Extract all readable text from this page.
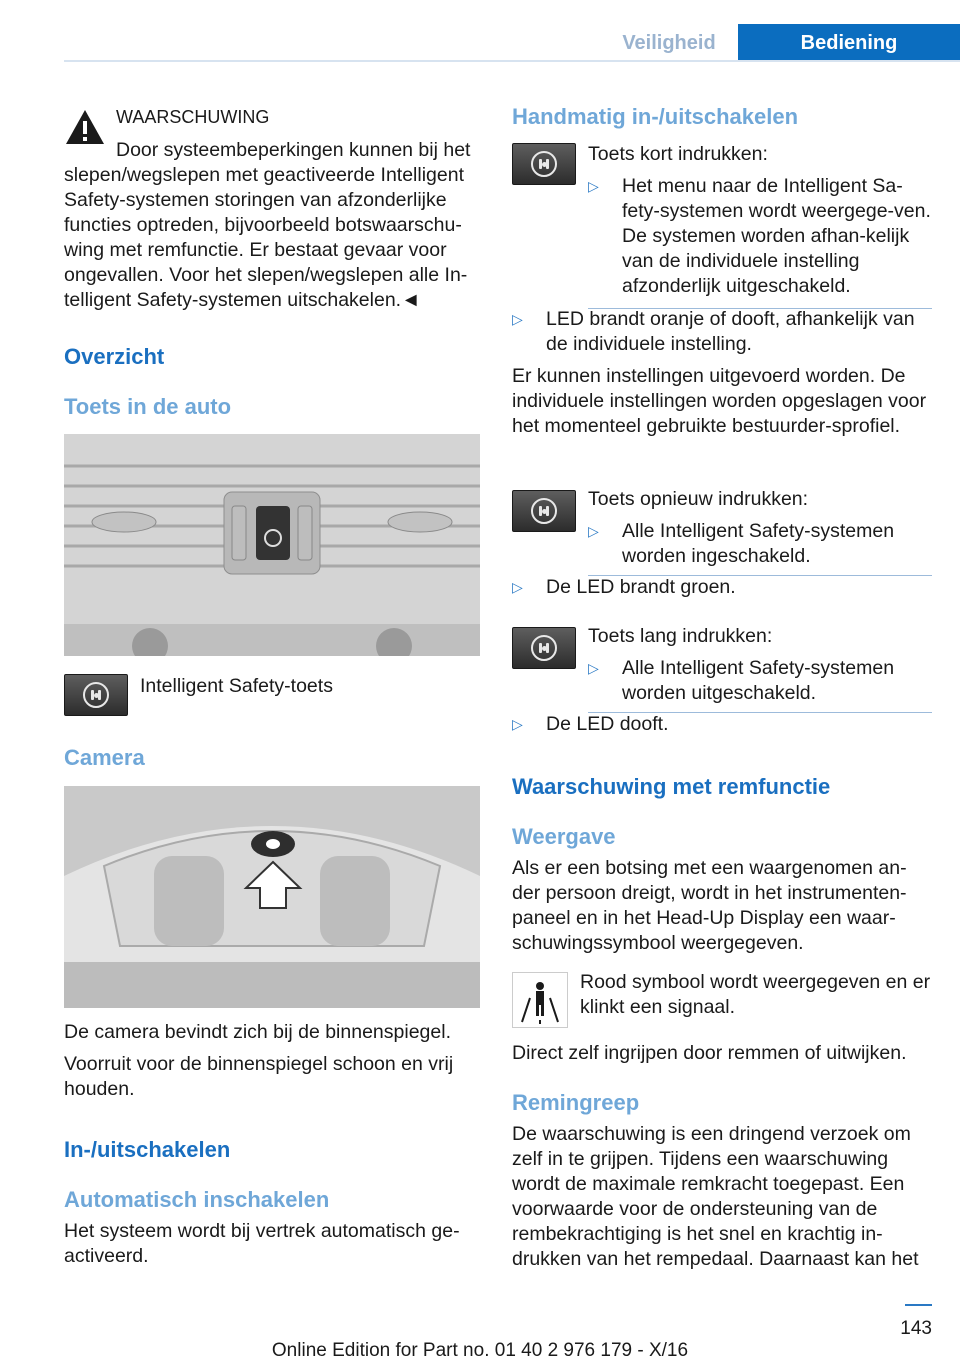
Veiligheid	Bediening
WAARSCHUWING

Door systeembeperkingen kunnen bij het

slepen/wegslepen met geactiveerde Intelligent Safety-systemen storingen van afzonderlijke functies optreden, bijvoorbeeld botswaarschu-wing met remfunctie. Er bestaat gevaar voor ongevallen. Voor het slepen/wegslepen alle In-telligent Safety-systemen uitschakelen.◄

Overzicht
Toets in de auto

Intelligent Safety-toets

Camera

De camera bevindt zich bij de binnenspiegel.

Voorruit voor de binnenspiegel schoon en vrij houden.

In-/uitschakelen
Automatisch inschakelen

Het systeem wordt bij vertrek automatisch ge-activeerd.

Handmatig in-/uitschakelen

Toets kort indrukken:

▷ Het menu naar de Intelligent Sa-fety-systemen wordt weergege-ven. De systemen worden afhan-kelijk van de individuele instelling afzonderlijk uitgeschakeld.
▷ LED brandt oranje of dooft, afhankelijk van de individuele instelling.

Er kunnen instellingen uitgevoerd worden. De individuele instellingen worden opgeslagen voor het momenteel gebruikte bestuurder-sprofiel.

Toets opnieuw indrukken:

▷ Alle Intelligent Safety-systemen worden ingeschakeld.
▷ De LED brandt groen.

Toets lang indrukken:

▷ Alle Intelligent Safety-systemen worden uitgeschakeld.
▷ De LED dooft.
Waarschuwing met remfunctie
Weergave

Als er een botsing met een waargenomen an-der persoon dreigt, wordt in het instrumenten-paneel en in het Head-Up Display een waar-schuwingssymbool weergegeven.

Rood symbool wordt weergegeven en er klinkt een signaal.

Direct zelf ingrijpen door remmen of uitwijken.

Remingreep

De waarschuwing is een dringend verzoek om zelf in te grijpen. Tijdens een waarschuwing wordt de maximale remkracht toegepast. Een voorwaarde voor de ondersteuning van de rembekrachtiging is het snel en krachtig in-drukken van het rempedaal. Daarnaast kan het

143
Online Edition for Part no. 01 40 2 976 179 - X/16
